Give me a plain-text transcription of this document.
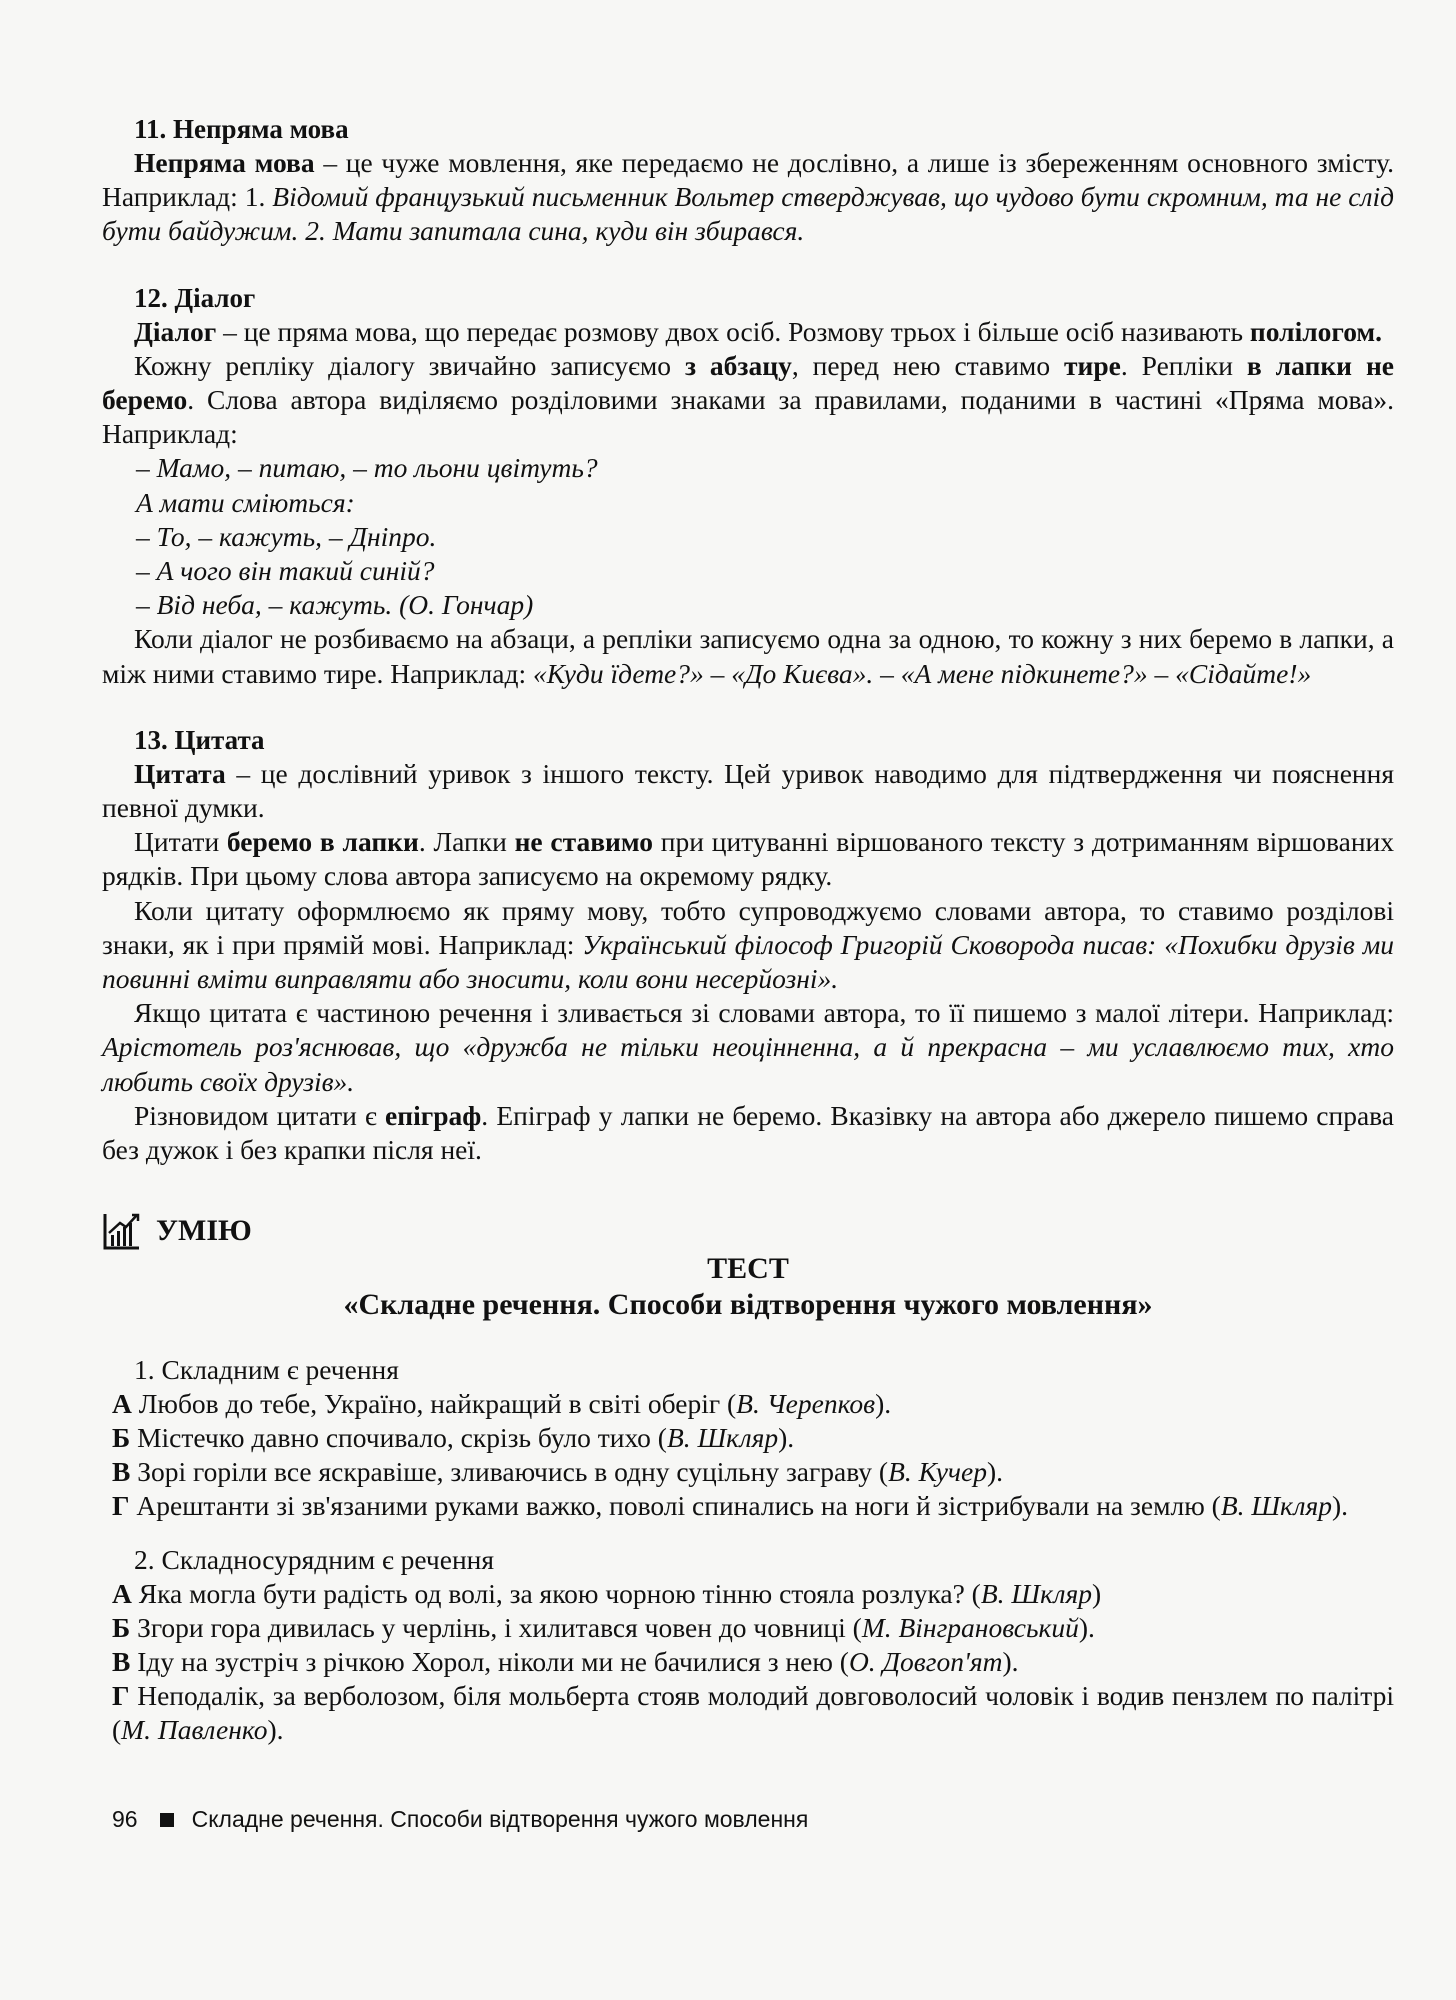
11. Непряма мова

Непряма мова – це чуже мовлення, яке передаємо не дослівно, а лише із збереженням основного змісту. Наприклад: 1. Відомий французький письменник Вольтер стверджував, що чудово бути скромним, та не слід бути байдужим. 2. Мати запитала сина, куди він збирався.

12. Діалог

Діалог – це пряма мова, що передає розмову двох осіб. Розмову трьох і більше осіб називають полілогом.

Кожну репліку діалогу звичайно записуємо з абзацу, перед нею ставимо тире. Репліки в лапки не беремо. Слова автора виділяємо розділовими знаками за правилами, поданими в частині «Пряма мова». Наприклад:

– Мамо, – питаю, – то льони цвітуть?
А мати сміються:
– То, – кажуть, – Дніпро.
– А чого він такий синій?
– Від неба, – кажуть. (О. Гончар)

Коли діалог не розбиваємо на абзаци, а репліки записуємо одна за одною, то кожну з них беремо в лапки, а між ними ставимо тире. Наприклад: «Куди їдете?» – «До Києва». – «А мене підкинете?» – «Сідайте!»

13. Цитата

Цитата – це дослівний уривок з іншого тексту. Цей уривок наводимо для підтвердження чи пояснення певної думки.

Цитати беремо в лапки. Лапки не ставимо при цитуванні віршованого тексту з дотриманням віршованих рядків. При цьому слова автора записуємо на окремому рядку.

Коли цитату оформлюємо як пряму мову, тобто супроводжуємо словами автора, то ставимо розділові знаки, як і при прямій мові. Наприклад: Український філософ Григорій Сковорода писав: «Похибки друзів ми повинні вміти виправляти або зносити, коли вони несерйозні».

Якщо цитата є частиною речення і зливається зі словами автора, то її пишемо з малої літери. Наприклад: Арістотель роз'яснював, що «дружба не тільки неоцінненна, а й прекрасна – ми уславлюємо тих, хто любить своїх друзів».

Різновидом цитати є епіграф. Епіграф у лапки не беремо. Вказівку на автора або джерело пишемо справа без дужок і без крапки після неї.

УМІЮ
ТЕСТ
«Складне речення. Способи відтворення чужого мовлення»

1. Складним є речення

А Любов до тебе, Україно, найкращий в світі оберіг (В. Черепков).

Б Містечко давно спочивало, скрізь було тихо (В. Шкляр).

В Зорі горіли все яскравіше, зливаючись в одну суцільну заграву (В. Кучер).

Г Арештанти зі зв'язаними руками важко, поволі спинались на ноги й зістрибували на землю (В. Шкляр).

2. Складносурядним є речення

А Яка могла бути радість од волі, за якою чорною тінню стояла розлука? (В. Шкляр)

Б Згори гора дивилась у черлінь, і хилитався човен до човниці (М. Вінграновський).

В Іду на зустріч з річкою Хорол, ніколи ми не бачилися з нею (О. Довгоп'ят).

Г Неподалік, за верболозом, біля мольберта стояв молодий довговолосий чоловік і водив пензлем по палітрі (М. Павленко).

96 Складне речення. Способи відтворення чужого мовлення
